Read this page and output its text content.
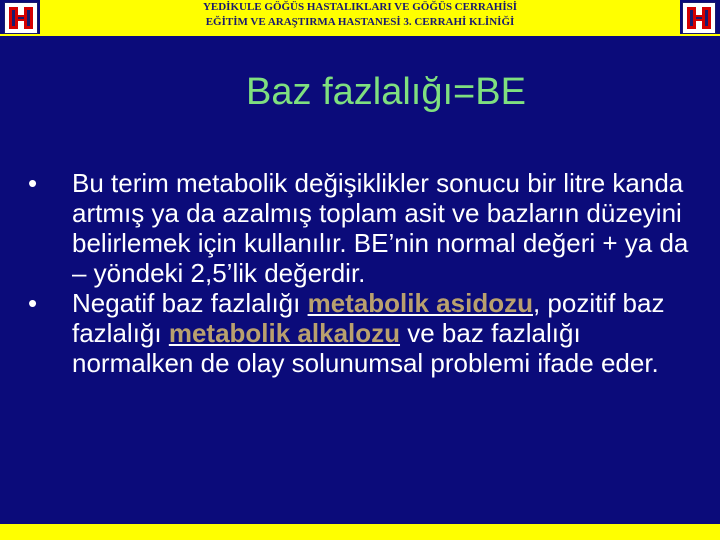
YEDİKULE GÖĞÜS HASTALIKLARI VE GÖĞÜS CERRAHİSİ
EĞİTİM VE ARAŞTIRMA HASTANESİ 3. CERRAHİ KLİNİĞİ
Baz fazlalığı=BE
•	Bu terim metabolik değişiklikler sonucu bir litre kanda artmış ya da azalmış toplam asit ve bazların düzeyini belirlemek için kullanılır. BE’nin normal değeri + ya da – yöndeki 2,5’lik değerdir.
•	Negatif baz fazlalığı metabolik asidozu, pozitif baz fazlalığı metabolik alkalozu ve baz fazlalığı normalken de olay solunumsal problemi ifade eder.
